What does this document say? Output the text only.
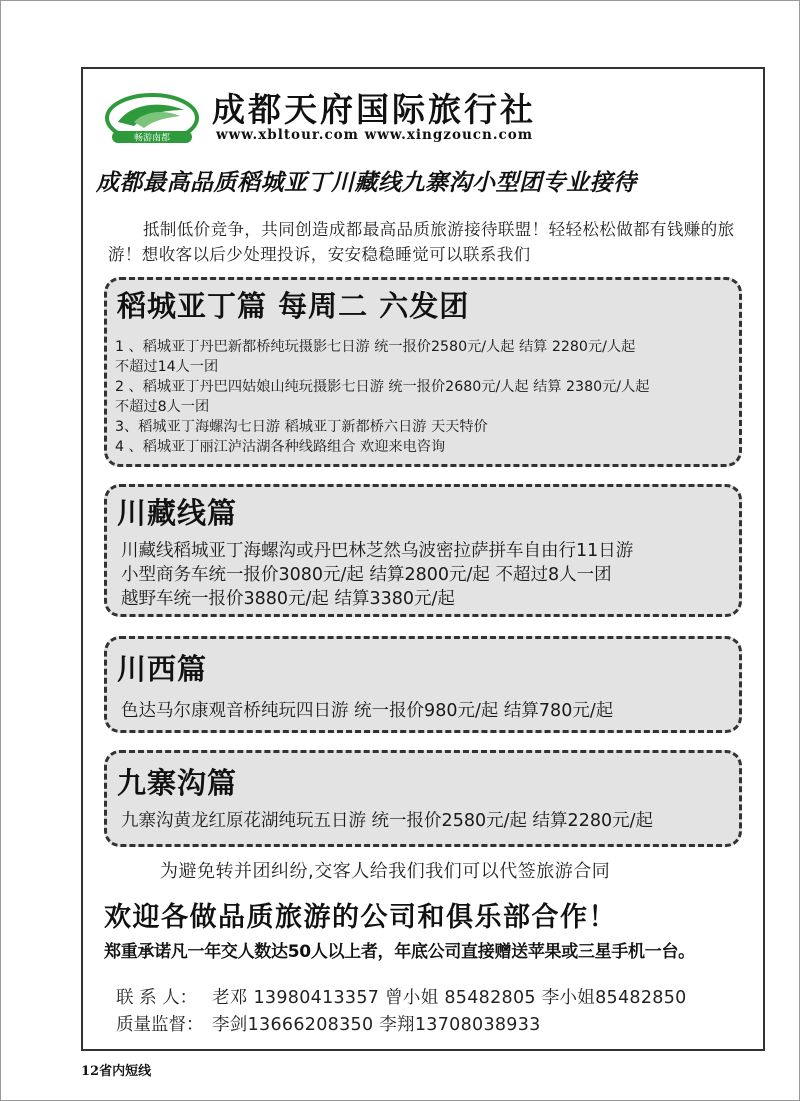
畅游南都
成都天府国际旅行社
www.xbltour.com www.xingzoucn.com
成都最高品质稻城亚丁川藏线九寨沟小型团专业接待
抵制低价竞争，共同创造成都最高品质旅游接待联盟！轻轻松松做都有钱赚的旅游！想收客以后少处理投诉，安安稳稳睡觉可以联系我们
稻城亚丁篇 每周二 六发团
1 、稻城亚丁丹巴新都桥纯玩摄影七日游 统一报价2580元/人起 结算 2280元/人起
不超过14人一团
2 、稻城亚丁丹巴四姑娘山纯玩摄影七日游 统一报价2680元/人起 结算 2380元/人起
不超过8人一团
3、稻城亚丁海螺沟七日游 稻城亚丁新都桥六日游 天天特价
4 、稻城亚丁丽江泸沽湖各种线路组合 欢迎来电咨询
川藏线篇
川藏线稻城亚丁海螺沟或丹巴林芝然乌波密拉萨拼车自由行11日游
小型商务车统一报价3080元/起 结算2800元/起 不超过8人一团
越野车统一报价3880元/起 结算3380元/起
川西篇
色达马尔康观音桥纯玩四日游 统一报价980元/起 结算780元/起
九寨沟篇
九寨沟黄龙红原花湖纯玩五日游 统一报价2580元/起 结算2280元/起
为避免转并团纠纷,交客人给我们我们可以代签旅游合同
欢迎各做品质旅游的公司和俱乐部合作！
郑重承诺凡一年交人数达50人以上者，年底公司直接赠送苹果或三星手机一台。
联 系 人： 老邓 13980413357 曾小姐 85482805 李小姐85482850
质量监督： 李剑13666208350 李翔13708038933
12省内短线
